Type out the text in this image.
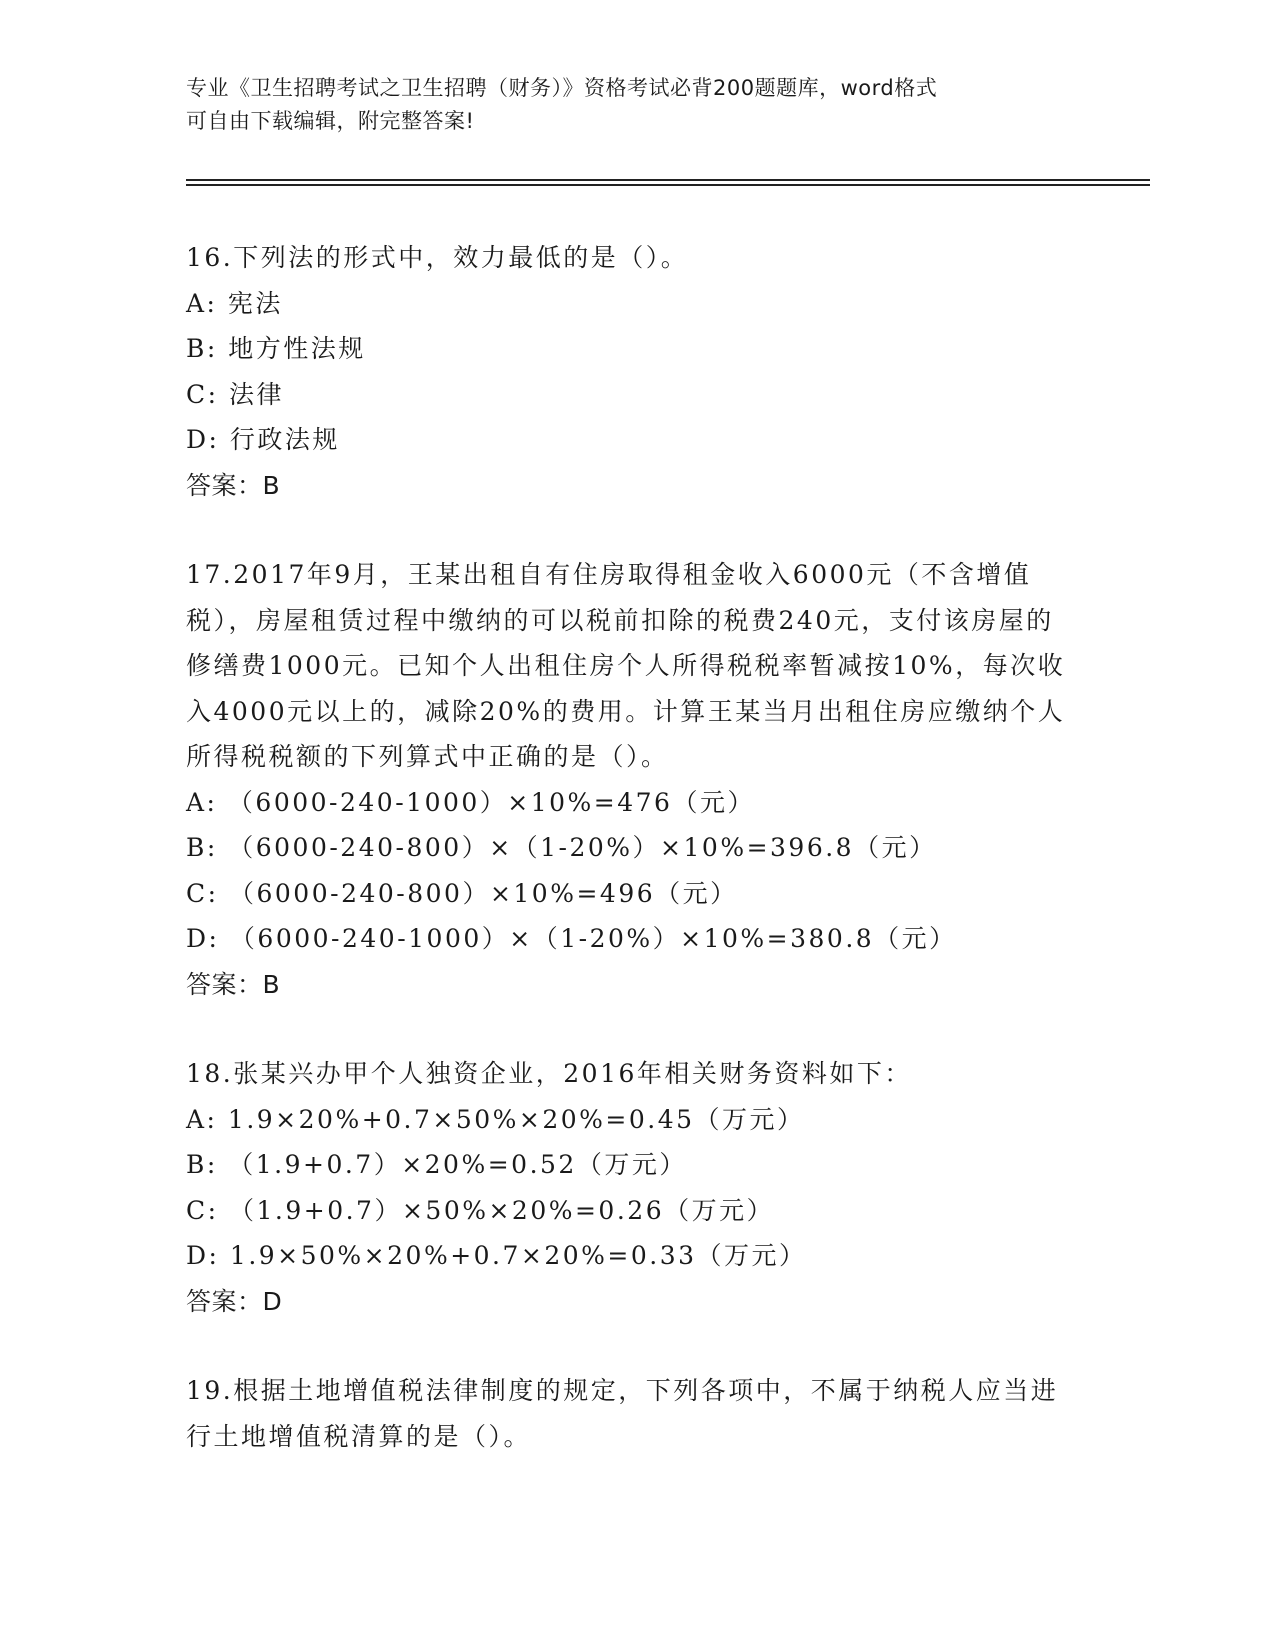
专业《卫生招聘考试之卫生招聘（财务）》资格考试必背200题题库，word格式
可自由下载编辑，附完整答案!
16.下列法的形式中，效力最低的是（）。
A: 宪法
B: 地方性法规
C: 法律
D: 行政法规
答案：B
17.2017年9月，王某出租自有住房取得租金收入6000元（不含增值税），房屋租赁过程中缴纳的可以税前扣除的税费240元，支付该房屋的修缮费1000元。已知个人出租住房个人所得税税率暂减按10%，每次收入4000元以上的，减除20%的费用。计算王某当月出租住房应缴纳个人所得税税额的下列算式中正确的是（）。
A: （6000-240-1000）×10%=476（元）
B: （6000-240-800）×（1-20%）×10%=396.8（元）
C: （6000-240-800）×10%=496（元）
D: （6000-240-1000）×（1-20%）×10%=380.8（元）
答案：B
18.张某兴办甲个人独资企业，2016年相关财务资料如下：
A: 1.9×20%+0.7×50%×20%=0.45（万元）
B: （1.9+0.7）×20%=0.52（万元）
C: （1.9+0.7）×50%×20%=0.26（万元）
D: 1.9×50%×20%+0.7×20%=0.33（万元）
答案：D
19.根据土地增值税法律制度的规定，下列各项中，不属于纳税人应当进行土地增值税清算的是（）。
